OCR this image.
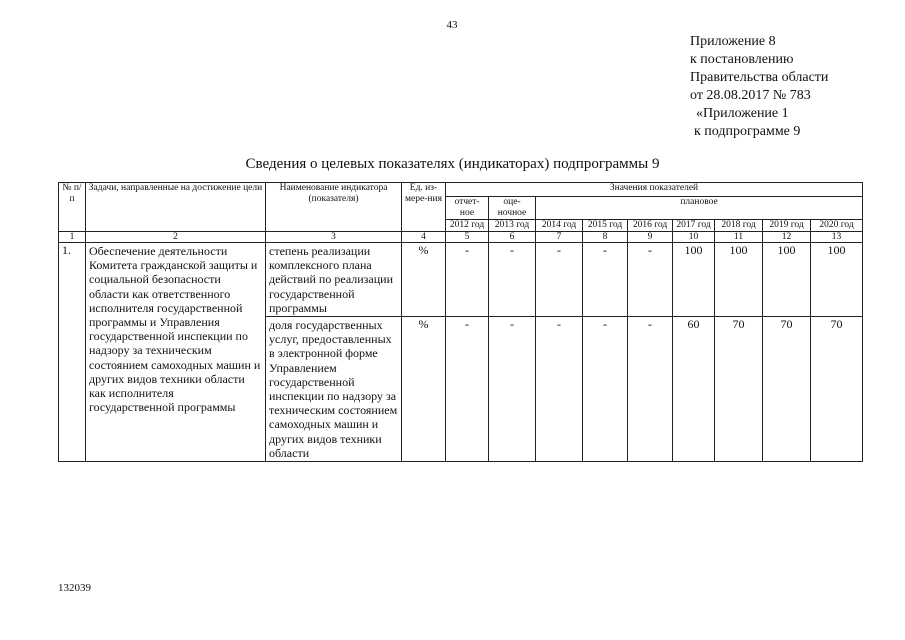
43
Приложение 8
к постановлению
Правительства области
от 28.08.2017 № 783
«Приложение 1
к подпрограмме 9
Сведения о целевых показателях (индикаторах) подпрограммы 9
№ п/п	Задачи, направленные на достижение цели	Наименование индикатора (показателя)	Ед. из-мере-ния	Значения показателей								
				отчет-ное	оце-ночное	плановое						
				2012 год	2013 год	2014 год	2015 год	2016 год	2017 год	2018 год	2019 год	2020 год
1	2	3	4	5	6	7	8	9	10	11	12	13
1.	Обеспечение деятельности Комитета гражданской защиты и социальной безопасности области как ответственного исполнителя государственной программы и Управления государственной инспекции по надзору за техническим состоянием самоходных машин и других видов техники области как исполнителя государственной программы	степень реализации комплексного плана действий по реализации государственной программы	%	-	-	-	-	-	100	100	100	100
		доля государственных услуг, предоставленных в электронной форме Управлением государственной инспекции по надзору за техническим состоянием самоходных машин и других видов техники области	%	-	-	-	-	-	60	70	70	70
132039
